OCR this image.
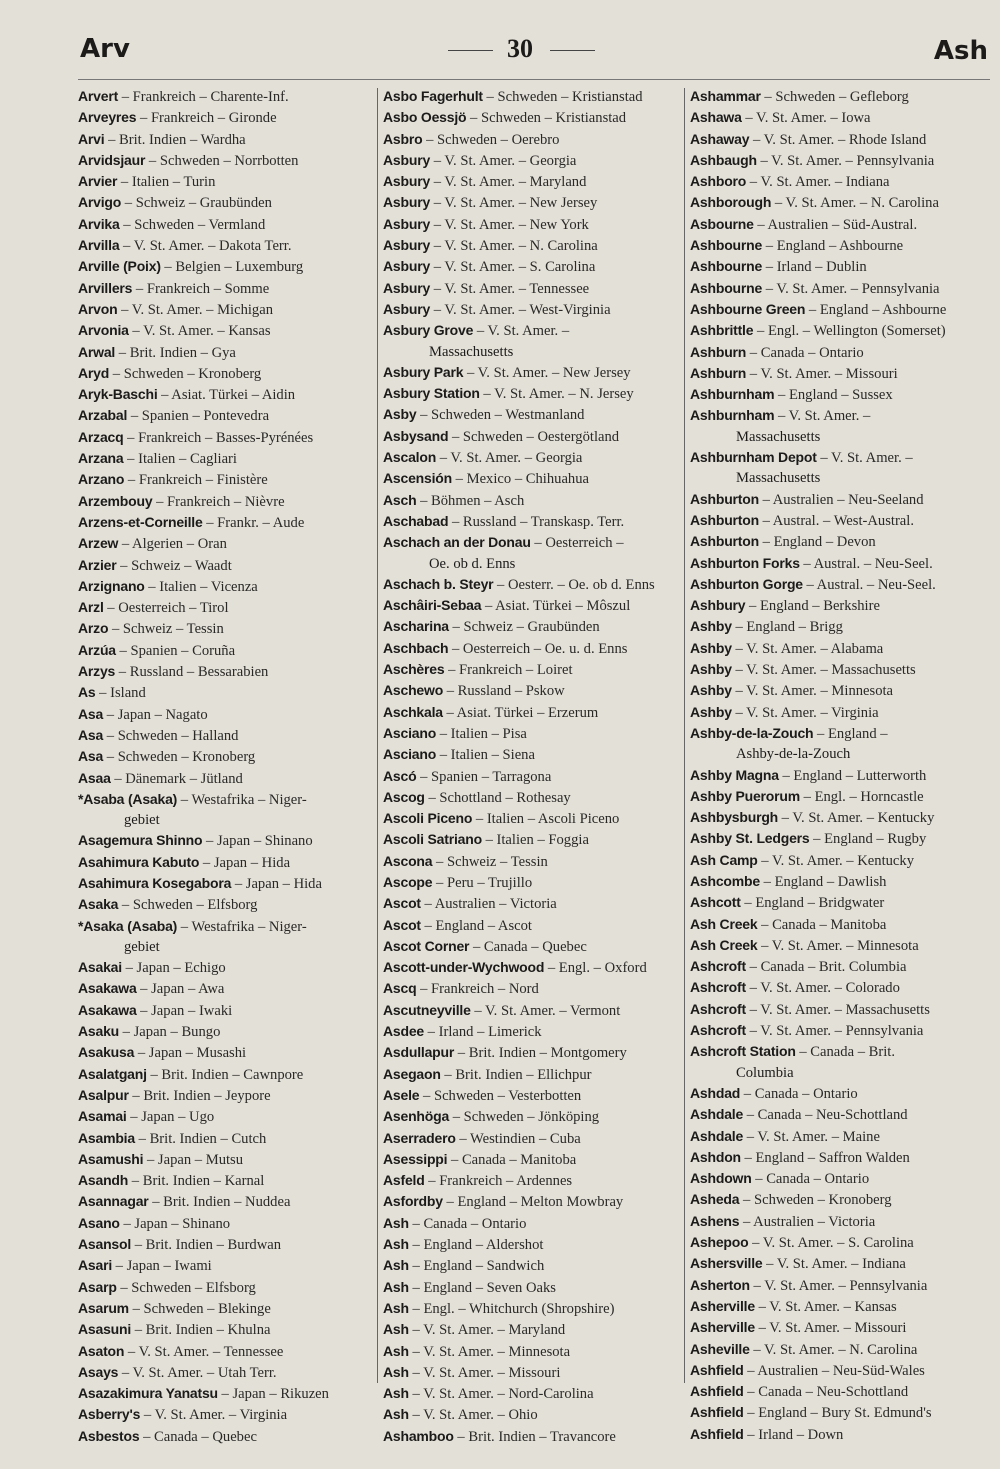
Arv	30	Ash
Arvert – Frankreich – Charente-Inf.
Arveyres – Frankreich – Gironde
Arvi – Brit. Indien – Wardha
Arvidsjaur – Schweden – Norrbotten
Arvier – Italien – Turin
Arvigo – Schweiz – Graubünden
Arvika – Schweden – Vermland
Arvilla – V. St. Amer. – Dakota Terr.
Arville (Poix) – Belgien – Luxemburg
Arvillers – Frankreich – Somme
Arvon – V. St. Amer. – Michigan
Arvonia – V. St. Amer. – Kansas
Arwal – Brit. Indien – Gya
Aryd – Schweden – Kronoberg
Aryk-Baschi – Asiat. Türkei – Aidin
Arzabal – Spanien – Pontevedra
Arzacq – Frankreich – Basses-Pyrénées
Arzana – Italien – Cagliari
Arzano – Frankreich – Finistère
Arzembouy – Frankreich – Nièvre
Arzens-et-Corneille – Frankr. – Aude
Arzew – Algerien – Oran
Arzier – Schweiz – Waadt
Arzignano – Italien – Vicenza
Arzl – Oesterreich – Tirol
Arzo – Schweiz – Tessin
Arzúa – Spanien – Coruña
Arzys – Russland – Bessarabien
As – Island
Asa – Japan – Nagato
Asa – Schweden – Halland
Asa – Schweden – Kronoberg
Asaa – Dänemark – Jütland
*Asaba (Asaka) – Westafrika – Niger-
gebiet
Asagemura Shinno – Japan – Shinano
Asahimura Kabuto – Japan – Hida
Asahimura Kosegabora – Japan – Hida
Asaka – Schweden – Elfsborg
*Asaka (Asaba) – Westafrika – Niger-
gebiet
Asakai – Japan – Echigo
Asakawa – Japan – Awa
Asakawa – Japan – Iwaki
Asaku – Japan – Bungo
Asakusa – Japan – Musashi
Asalatganj – Brit. Indien – Cawnpore
Asalpur – Brit. Indien – Jeypore
Asamai – Japan – Ugo
Asambia – Brit. Indien – Cutch
Asamushi – Japan – Mutsu
Asandh – Brit. Indien – Karnal
Asannagar – Brit. Indien – Nuddea
Asano – Japan – Shinano
Asansol – Brit. Indien – Burdwan
Asari – Japan – Iwami
Asarp – Schweden – Elfsborg
Asarum – Schweden – Blekinge
Asasuni – Brit. Indien – Khulna
Asaton – V. St. Amer. – Tennessee
Asays – V. St. Amer. – Utah Terr.
Asazakimura Yanatsu – Japan – Rikuzen
Asberry's – V. St. Amer. – Virginia
Asbestos – Canada – Quebec
Asbo Fagerhult – Schweden – Kristianstad
Asbo Oessjö – Schweden – Kristianstad
Asbro – Schweden – Oerebro
Asbury – V. St. Amer. – Georgia
Asbury – V. St. Amer. – Maryland
Asbury – V. St. Amer. – New Jersey
Asbury – V. St. Amer. – New York
Asbury – V. St. Amer. – N. Carolina
Asbury – V. St. Amer. – S. Carolina
Asbury – V. St. Amer. – Tennessee
Asbury – V. St. Amer. – West-Virginia
Asbury Grove – V. St. Amer. –
Massachusetts
Asbury Park – V. St. Amer. – New Jersey
Asbury Station – V. St. Amer. – N. Jersey
Asby – Schweden – Westmanland
Asbysand – Schweden – Oestergötland
Ascalon – V. St. Amer. – Georgia
Ascensión – Mexico – Chihuahua
Asch – Böhmen – Asch
Aschabad – Russland – Transkasp. Terr.
Aschach an der Donau – Oesterreich –
Oe. ob d. Enns
Aschach b. Steyr – Oesterr. – Oe. ob d. Enns
Aschâiri-Sebaa – Asiat. Türkei – Môszul
Ascharina – Schweiz – Graubünden
Aschbach – Oesterreich – Oe. u. d. Enns
Aschères – Frankreich – Loiret
Aschewo – Russland – Pskow
Aschkala – Asiat. Türkei – Erzerum
Asciano – Italien – Pisa
Asciano – Italien – Siena
Ascó – Spanien – Tarragona
Ascog – Schottland – Rothesay
Ascoli Piceno – Italien – Ascoli Piceno
Ascoli Satriano – Italien – Foggia
Ascona – Schweiz – Tessin
Ascope – Peru – Trujillo
Ascot – Australien – Victoria
Ascot – England – Ascot
Ascot Corner – Canada – Quebec
Ascott-under-Wychwood – Engl. – Oxford
Ascq – Frankreich – Nord
Ascutneyville – V. St. Amer. – Vermont
Asdee – Irland – Limerick
Asdullapur – Brit. Indien – Montgomery
Asegaon – Brit. Indien – Ellichpur
Asele – Schweden – Vesterbotten
Asenhöga – Schweden – Jönköping
Aserradero – Westindien – Cuba
Asessippi – Canada – Manitoba
Asfeld – Frankreich – Ardennes
Asfordby – England – Melton Mowbray
Ash – Canada – Ontario
Ash – England – Aldershot
Ash – England – Sandwich
Ash – England – Seven Oaks
Ash – Engl. – Whitchurch (Shropshire)
Ash – V. St. Amer. – Maryland
Ash – V. St. Amer. – Minnesota
Ash – V. St. Amer. – Missouri
Ash – V. St. Amer. – Nord-Carolina
Ash – V. St. Amer. – Ohio
Ashamboo – Brit. Indien – Travancore
Ashammar – Schweden – Gefleborg
Ashawa – V. St. Amer. – Iowa
Ashaway – V. St. Amer. – Rhode Island
Ashbaugh – V. St. Amer. – Pennsylvania
Ashboro – V. St. Amer. – Indiana
Ashborough – V. St. Amer. – N. Carolina
Asbourne – Australien – Süd-Austral.
Ashbourne – England – Ashbourne
Ashbourne – Irland – Dublin
Ashbourne – V. St. Amer. – Pennsylvania
Ashbourne Green – England – Ashbourne
Ashbrittle – Engl. – Wellington (Somerset)
Ashburn – Canada – Ontario
Ashburn – V. St. Amer. – Missouri
Ashburnham – England – Sussex
Ashburnham – V. St. Amer. –
Massachusetts
Ashburnham Depot – V. St. Amer. –
Massachusetts
Ashburton – Australien – Neu-Seeland
Ashburton – Austral. – West-Austral.
Ashburton – England – Devon
Ashburton Forks – Austral. – Neu-Seel.
Ashburton Gorge – Austral. – Neu-Seel.
Ashbury – England – Berkshire
Ashby – England – Brigg
Ashby – V. St. Amer. – Alabama
Ashby – V. St. Amer. – Massachusetts
Ashby – V. St. Amer. – Minnesota
Ashby – V. St. Amer. – Virginia
Ashby-de-la-Zouch – England –
Ashby-de-la-Zouch
Ashby Magna – England – Lutterworth
Ashby Puerorum – Engl. – Horncastle
Ashbysburgh – V. St. Amer. – Kentucky
Ashby St. Ledgers – England – Rugby
Ash Camp – V. St. Amer. – Kentucky
Ashcombe – England – Dawlish
Ashcott – England – Bridgwater
Ash Creek – Canada – Manitoba
Ash Creek – V. St. Amer. – Minnesota
Ashcroft – Canada – Brit. Columbia
Ashcroft – V. St. Amer. – Colorado
Ashcroft – V. St. Amer. – Massachusetts
Ashcroft – V. St. Amer. – Pennsylvania
Ashcroft Station – Canada – Brit.
Columbia
Ashdad – Canada – Ontario
Ashdale – Canada – Neu-Schottland
Ashdale – V. St. Amer. – Maine
Ashdon – England – Saffron Walden
Ashdown – Canada – Ontario
Asheda – Schweden – Kronoberg
Ashens – Australien – Victoria
Ashepoo – V. St. Amer. – S. Carolina
Ashersville – V. St. Amer. – Indiana
Asherton – V. St. Amer. – Pennsylvania
Asherville – V. St. Amer. – Kansas
Asherville – V. St. Amer. – Missouri
Asheville – V. St. Amer. – N. Carolina
Ashfield – Australien – Neu-Süd-Wales
Ashfield – Canada – Neu-Schottland
Ashfield – England – Bury St. Edmund's
Ashfield – Irland – Down
